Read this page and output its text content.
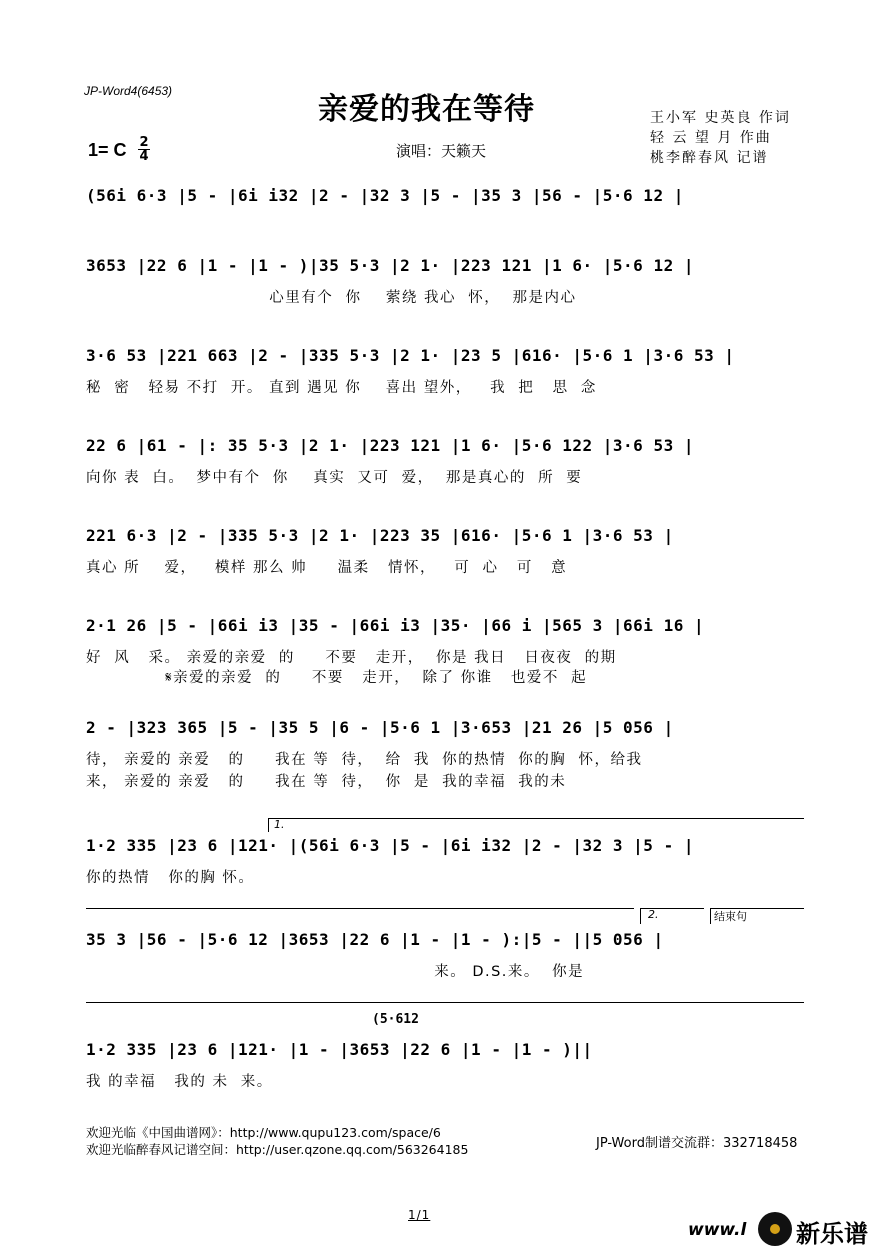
JP-Word4(6453)
亲爱的我在等待	王小军 史英良 作词
轻 云 望 月 作曲
桃李醉春风 记谱
1= C 2
4	演唱：天籁天
(56i 6·3 |5 - |6i i32 |2 - |32 3 |5 - |35 3 |56 - |5·6 12 |
3653 |22 6 |1 - |1 - )|35 5·3 |2 1· |223 121 |1 6· |5·6 12 |
心里有个  你    萦绕 我心  怀，  那是内心
3·6 53 |221 663 |2 - |335 5·3 |2 1· |23 5 |616· |5·6 1 |3·6 53 |
秘  密   轻易 不打  开。 直到 遇见 你    喜出 望外，   我  把   思  念
22 6 |61 - |: 35 5·3 |2 1· |223 121 |1 6· |5·6 122 |3·6 53 |
向你 表  白。  梦中有个  你    真实  又可  爱，  那是真心的  所  要
221 6·3 |2 - |335 5·3 |2 1· |223 35 |616· |5·6 1 |3·6 53 |
真心 所    爱，   模样 那么 帅     温柔   情怀，   可  心   可   意
2·1 26 |5 - |66i i3 |35 - |66i i3 |35· |66 i |565 3 |66i 16 |
好  风   采。 亲爱的亲爱  的     不要   走开，  你是 我日   日夜夜  的期
𝄋亲爱的亲爱  的     不要   走开，  除了 你谁   也爱不  起
2 - |323 365 |5 - |35 5 |6 - |5·6 1 |3·653 |21 26 |5 056 |
待， 亲爱的 亲爱   的     我在 等  待，  给  我  你的热情  你的胸  怀，给我
来， 亲爱的 亲爱   的     我在 等  待，  你  是  我的幸福  我的未
1.
1·2 335 |23 6 |121· |(56i 6·3 |5 - |6i i32 |2 - |32 3 |5 - |
你的热情   你的胸 怀。
2.	结束句
35 3 |56 - |5·6 12 |3653 |22 6 |1 - |1 - ):|5 - ||5 056 |
来。 D.S.来。  你是
(5·612
1·2 335 |23 6 |121· |1 - |3653 |22 6 |1 - |1 - )||
我 的幸福   我的 未  来。
欢迎光临《中国曲谱网》：http://www.qupu123.com/space/6
欢迎光临醉春风记谱空间：http://user.qzone.qq.com/563264185	JP-Word制谱交流群：332718458
1/1
www.l 新乐谱
